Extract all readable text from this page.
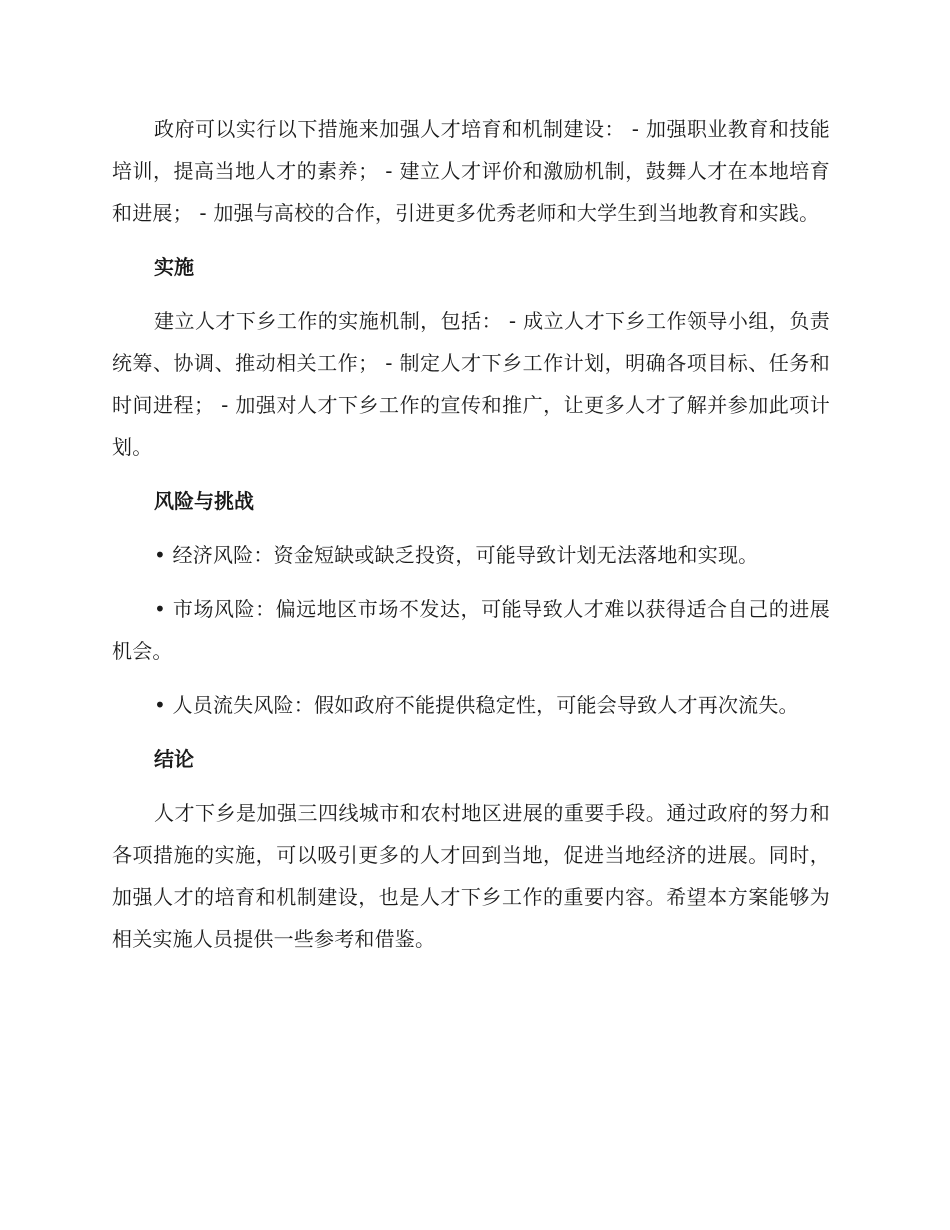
政府可以实行以下措施来加强人才培育和机制建设： - 加强职业教育和技能培训，提高当地人才的素养； - 建立人才评价和激励机制，鼓舞人才在本地培育和进展； - 加强与高校的合作，引进更多优秀老师和大学生到当地教育和实践。

实施

建立人才下乡工作的实施机制，包括： - 成立人才下乡工作领导小组，负责统筹、协调、推动相关工作； - 制定人才下乡工作计划，明确各项目标、任务和时间进程； - 加强对人才下乡工作的宣传和推广，让更多人才了解并参加此项计划。

风险与挑战

• 经济风险：资金短缺或缺乏投资，可能导致计划无法落地和实现。

• 市场风险：偏远地区市场不发达，可能导致人才难以获得适合自己的进展机会。

• 人员流失风险：假如政府不能提供稳定性，可能会导致人才再次流失。

结论

人才下乡是加强三四线城市和农村地区进展的重要手段。通过政府的努力和各项措施的实施，可以吸引更多的人才回到当地，促进当地经济的进展。同时，加强人才的培育和机制建设，也是人才下乡工作的重要内容。希望本方案能够为相关实施人员提供一些参考和借鉴。
